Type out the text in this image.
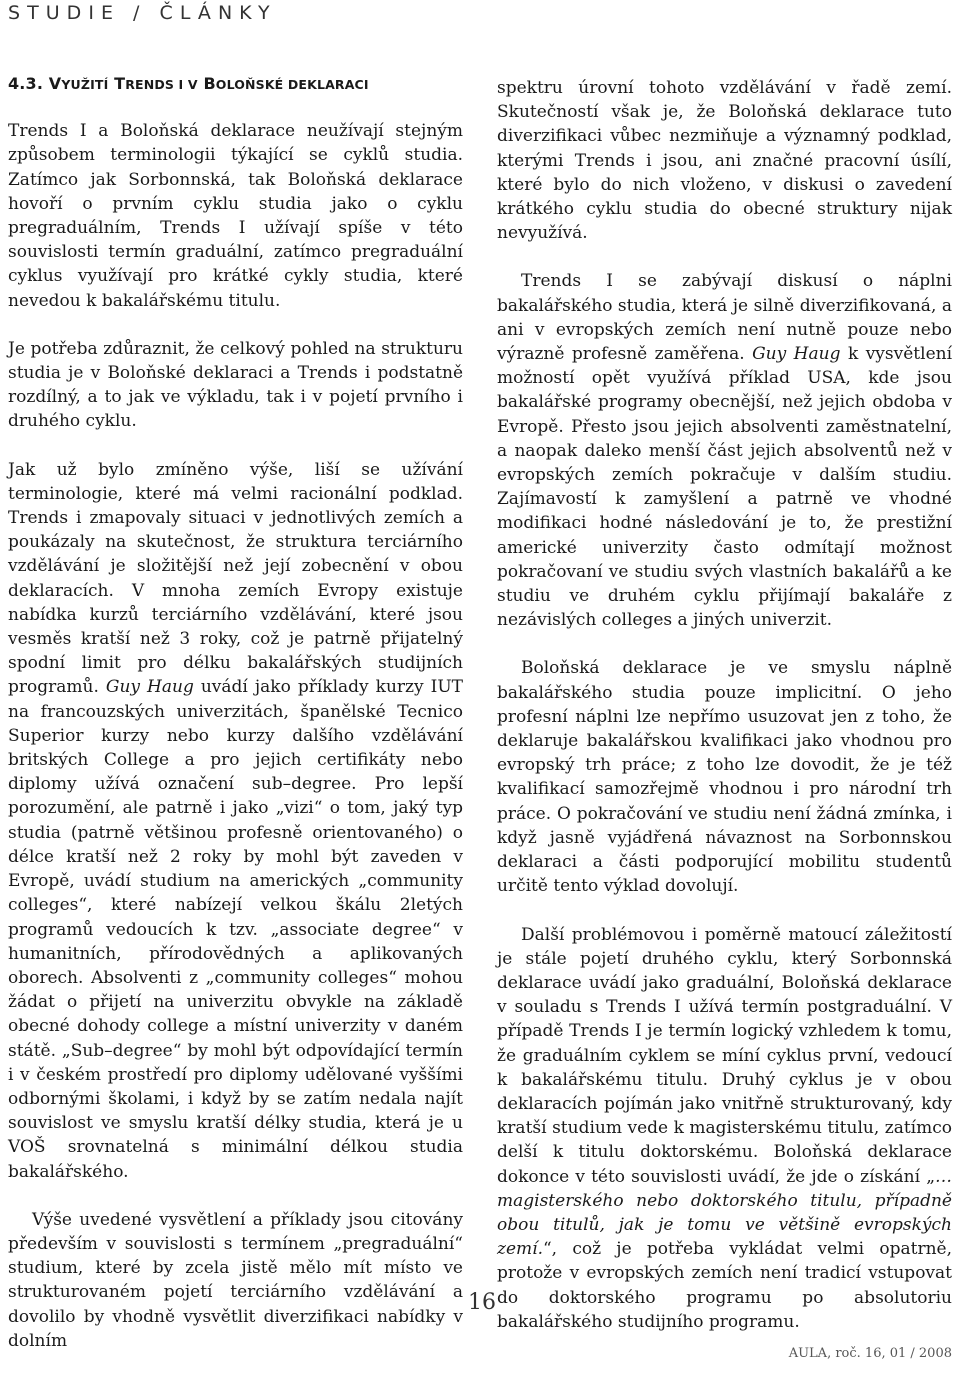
STUDIE / ČLÁNKY
4.3. VYUŽITÍ TRENDS I V BOLOŇSKÉ DEKLARACI

Trends I a Boloňská deklarace neužívají stejným způsobem terminologii týkající se cyklů studia. Zatímco jak Sorbonnská, tak Boloňská deklarace hovoří o prvním cyklu studia jako o cyklu pregraduálním, Trends I užívají spíše v této souvislosti termín graduální, zatímco pregraduální cyklus využívají pro krátké cykly studia, které nevedou k bakalářskému titulu.

Je potřeba zdůraznit, že celkový pohled na strukturu studia je v Boloňské deklaraci a Trends i podstatně rozdílný, a to jak ve výkladu, tak i v pojetí prvního i druhého cyklu.

Jak už bylo zmíněno výše, liší se užívání terminologie, které má velmi racionální podklad. Trends i zmapovaly situaci v jednotlivých zemích a poukázaly na skutečnost, že struktura terciárního vzdělávání je složitější než její zobecnění v obou deklaracích. V mnoha zemích Evropy existuje nabídka kurzů terciárního vzdělávání, které jsou vesměs kratší než 3 roky, což je patrně přijatelný spodní limit pro délku bakalářských studijních programů. Guy Haug uvádí jako příklady kurzy IUT na francouzských univerzitách, španělské Tecnico Superior kurzy nebo kurzy dalšího vzdělávání britských College a pro jejich certifikáty nebo diplomy užívá označení sub–degree. Pro lepší porozumění, ale patrně i jako „vizi“ o tom, jaký typ studia (patrně většinou profesně orientovaného) o délce kratší než 2 roky by mohl být zaveden v Evropě, uvádí studium na amerických „community colleges“, které nabízejí velkou škálu 2letých programů vedoucích k tzv. „associate degree“ v humanitních, přírodovědných a aplikovaných oborech. Absolventi z „community colleges“ mohou žádat o přijetí na univerzitu obvykle na základě obecné dohody college a místní univerzity v daném státě. „Sub–degree“ by mohl být odpovídající termín i v českém prostředí pro diplomy udělované vyššími odbornými školami, i když by se zatím nedala najít souvislost ve smyslu kratší délky studia, která je u VOŠ srovnatelná s minimální délkou studia bakalářského.

Výše uvedené vysvětlení a příklady jsou citovány především v souvislosti s termínem „pregraduální“ studium, které by zcela jistě mělo mít místo ve strukturovaném pojetí terciárního vzdělávání a dovolilo by vhodně vysvětlit diverzifikaci nabídky v dolním

spektru úrovní tohoto vzdělávání v řadě zemí. Skutečností však je, že Boloňská deklarace tuto diverzifikaci vůbec nezmiňuje a významný podklad, kterými Trends i jsou, ani značné pracovní úsílí, které bylo do nich vloženo, v diskusi o zavedení krátkého cyklu studia do obecné struktury nijak nevyužívá.

Trends I se zabývají diskusí o náplni bakalářského studia, která je silně diverzifikovaná, a ani v evropských zemích není nutně pouze nebo výrazně profesně zaměřena. Guy Haug k vysvětlení možností opět využívá příklad USA, kde jsou bakalářské programy obecnější, než jejich obdoba v Evropě. Přesto jsou jejich absolventi zaměstnatelní, a naopak daleko menší část jejich absolventů než v evropských zemích pokračuje v dalším studiu. Zajímavostí k zamyšlení a patrně ve vhodné modifikaci hodné následování je to, že prestižní americké univerzity často odmítají možnost pokračovaní ve studiu svých vlastních bakalářů a ke studiu ve druhém cyklu přijímají bakaláře z nezávislých colleges a jiných univerzit.

Boloňská deklarace je ve smyslu náplně bakalářského studia pouze implicitní. O jeho profesní náplni lze nepřímo usuzovat jen z toho, že deklaruje bakalářskou kvalifikaci jako vhodnou pro evropský trh práce; z toho lze dovodit, že je též kvalifikací samozřejmě vhodnou i pro národní trh práce. O pokračování ve studiu není žádná zmínka, i když jasně vyjádřená návaznost na Sorbonnskou deklaraci a části podporující mobilitu studentů určitě tento výklad dovolují.

Další problémovou i poměrně matoucí záležitostí je stále pojetí druhého cyklu, který Sorbonnská deklarace uvádí jako graduální, Boloňská deklarace v souladu s Trends I užívá termín postgraduální. V případě Trends I je termín logický vzhledem k tomu, že graduálním cyklem se míní cyklus první, vedoucí k bakalářskému titulu. Druhý cyklus je v obou deklaracích pojímán jako vnitřně strukturovaný, kdy kratší studium vede k magisterskému titulu, zatímco delší k titulu doktorskému. Boloňská deklarace dokonce v této souvislosti uvádí, že jde o získání „…magisterského nebo doktorského titulu, případně obou titulů, jak je tomu ve většině evropských zemí.“, což je potřeba vykládat velmi opatrně, protože v evropských zemích není tradicí vstupovat do doktorského programu po absolutoriu bakalářského studijního programu.

16
AULA, roč. 16, 01 / 2008
